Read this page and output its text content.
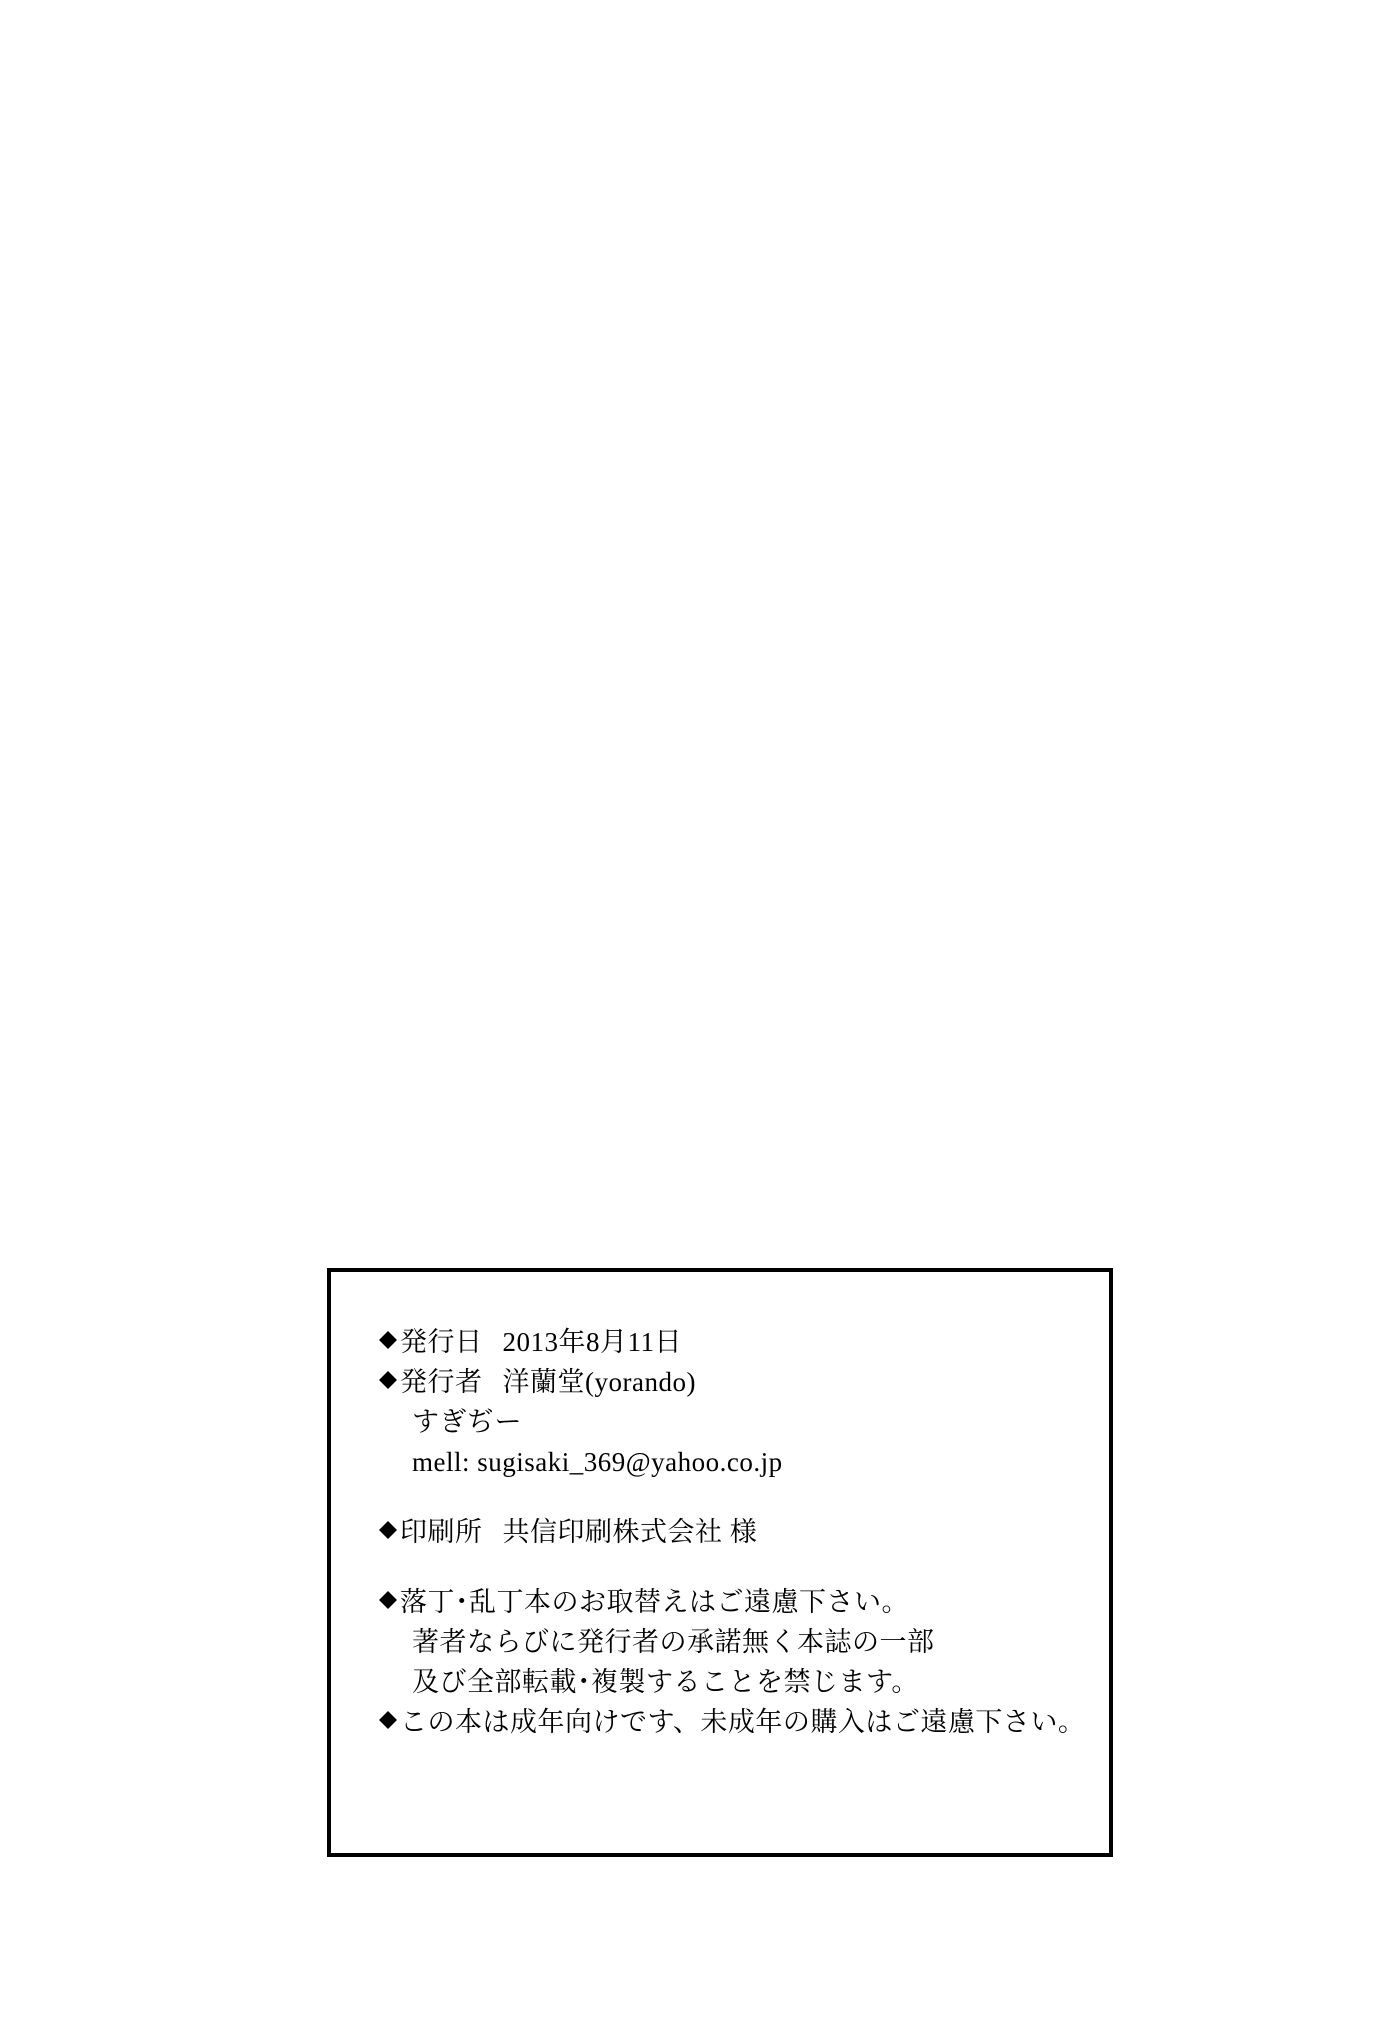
発行日 2013年8月11日
発行者 洋蘭堂(yorando)
すぎぢー
mell: sugisaki_369@yahoo.co.jp
印刷所 共信印刷株式会社 様
落丁･乱丁本のお取替えはご遠慮下さい。
著者ならびに発行者の承諾無く本誌の一部
及び全部転載･複製することを禁じます。
この本は成年向けです、未成年の購入はご遠慮下さい。
